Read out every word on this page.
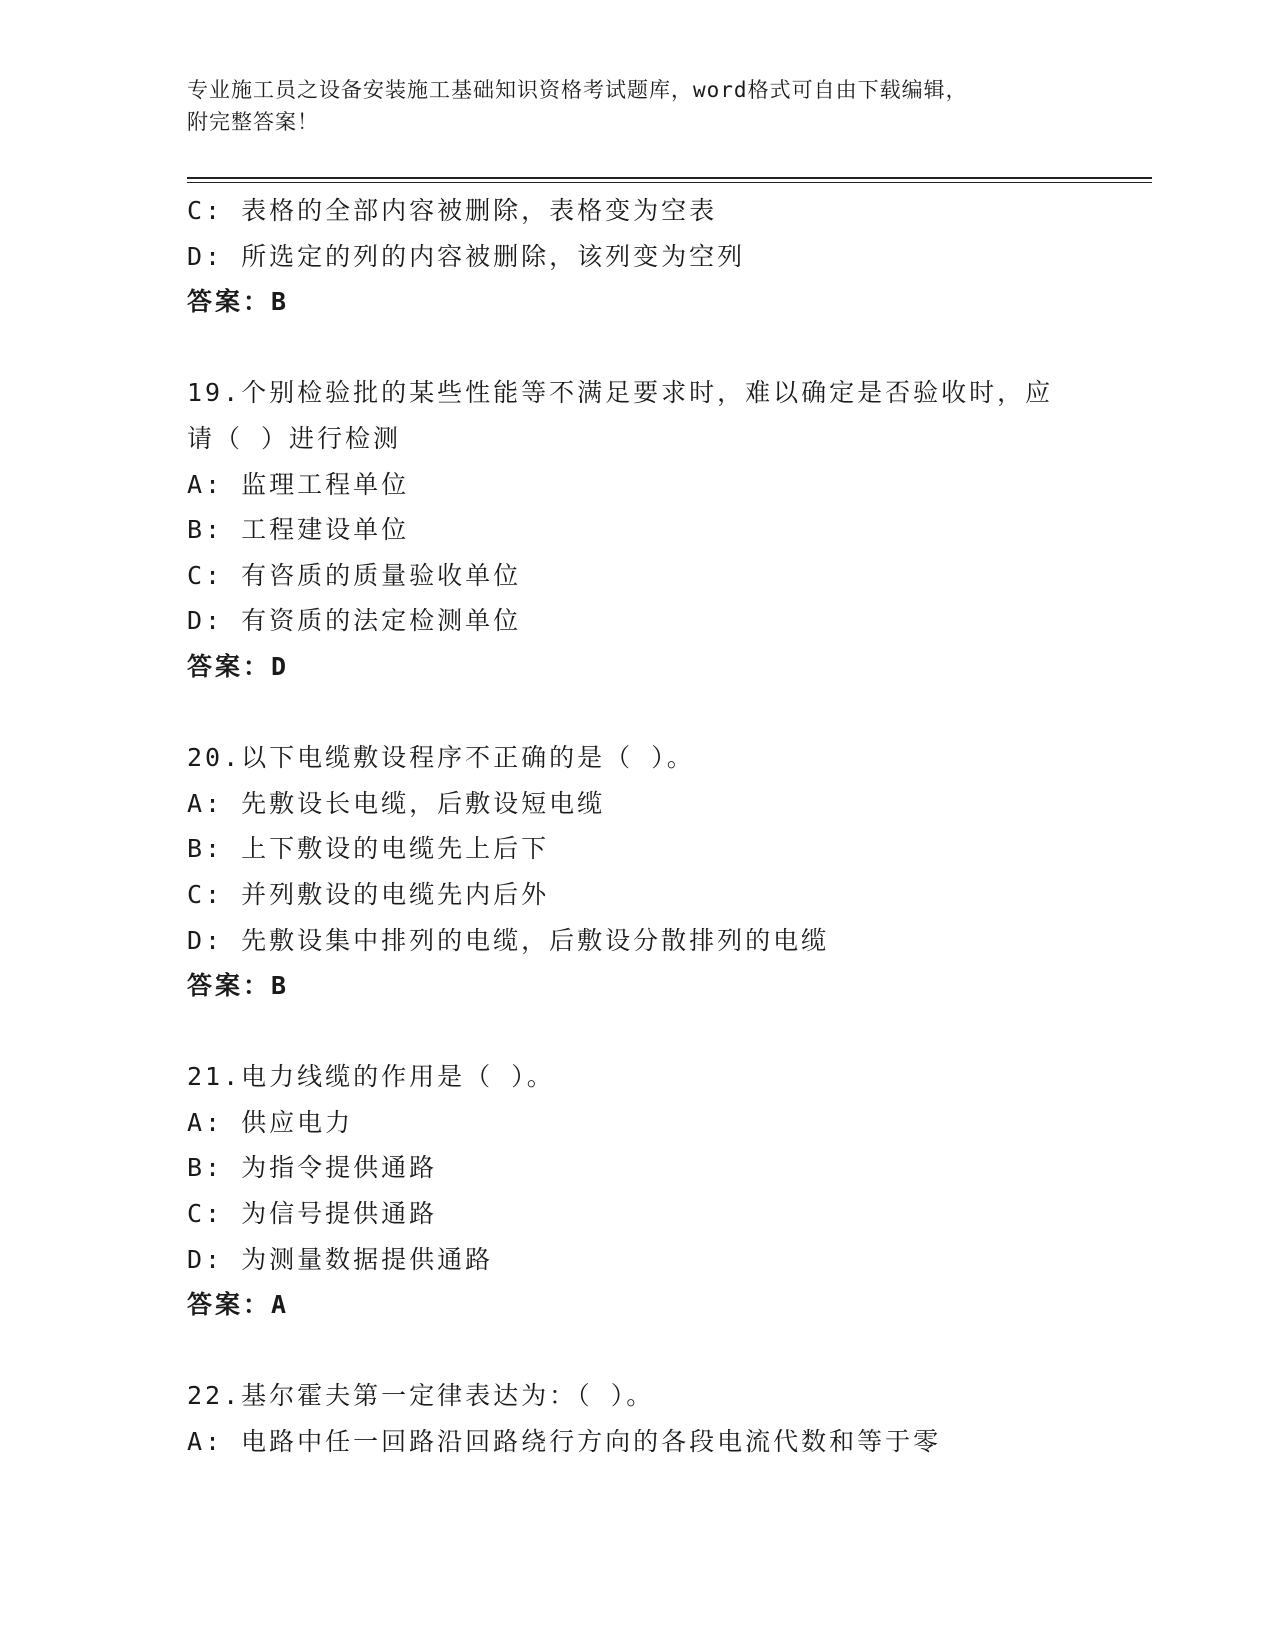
专业施工员之设备安装施工基础知识资格考试题库，word格式可自由下载编辑，
附完整答案！
C: 表格的全部内容被删除，表格变为空表
D: 所选定的列的内容被删除，该列变为空列
答案：B
19.个别检验批的某些性能等不满足要求时，难以确定是否验收时，应
请（ ）进行检测
A: 监理工程单位
B: 工程建设单位
C: 有咨质的质量验收单位
D: 有资质的法定检测单位
答案：D
20.以下电缆敷设程序不正确的是（ ）。
A: 先敷设长电缆，后敷设短电缆
B: 上下敷设的电缆先上后下
C: 并列敷设的电缆先内后外
D: 先敷设集中排列的电缆，后敷设分散排列的电缆
答案：B
21.电力线缆的作用是（ ）。
A: 供应电力
B: 为指令提供通路
C: 为信号提供通路
D: 为测量数据提供通路
答案：A
22.基尔霍夫第一定律表达为：（ ）。
A: 电路中任一回路沿回路绕行方向的各段电流代数和等于零
